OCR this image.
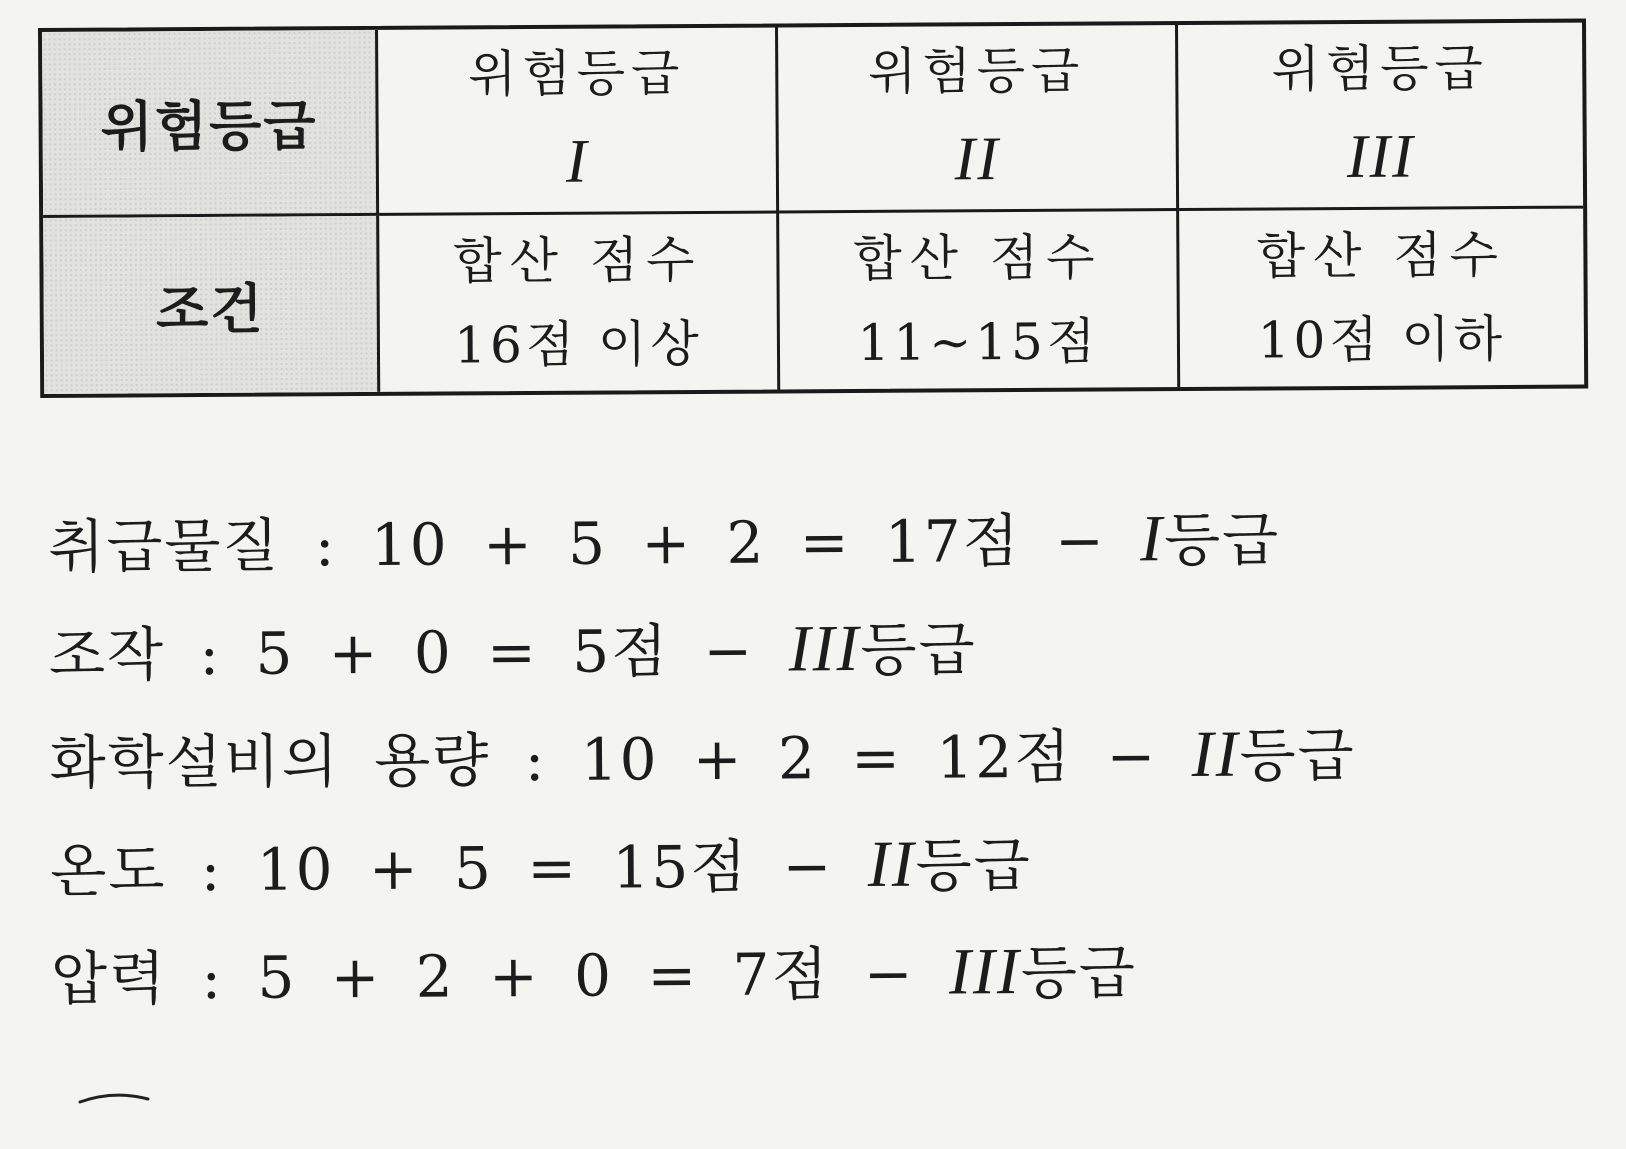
위험등급
위험등급
I
위험등급
II
위험등급
III
조건
합산 점수
16점 이상
합산 점수
11~15점
합산 점수
10점 이하
취급물질 : 10 + 5 + 2 = 17점 − I등급
조작 : 5 + 0 = 5점 − III등급
화학설비의 용량 : 10 + 2 = 12점 − II등급
온도 : 10 + 5 = 15점 − II등급
압력 : 5 + 2 + 0 = 7점 − III등급
